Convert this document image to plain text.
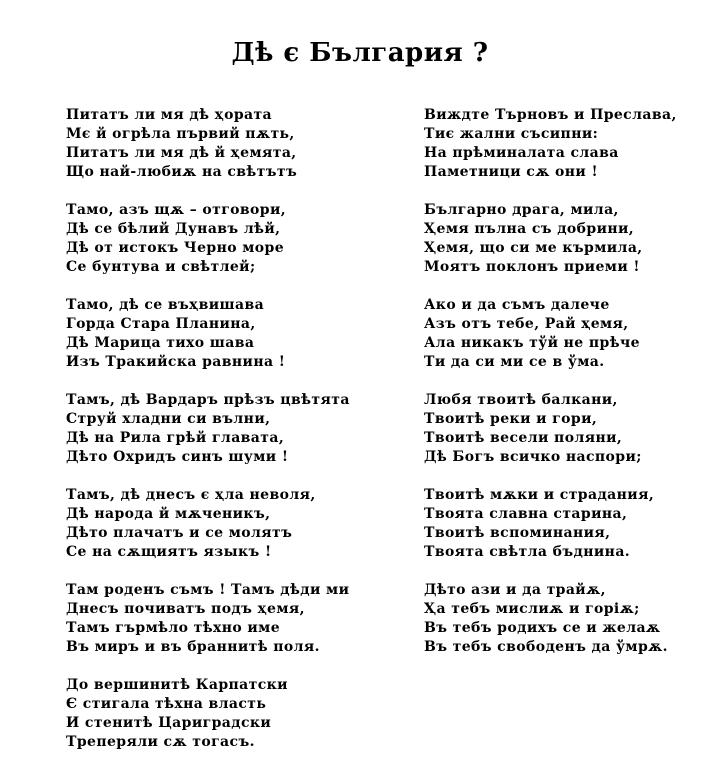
Дѣ є България ?
Питатъ ли мя дѣ ҳората
Мє й огрѣла първий пѫть,
Питатъ ли мя дѣ й ҳемята,
Що най-любиѫ на свѣтътъ
Тамо, азъ щѫ – отговори,
Дѣ се бѣлий Дунавъ лѣй,
Дѣ от истокъ Черно море
Се бунтува и свѣтлей;
Тамо, дѣ се въҳвишава
Горда Стара Планина,
Дѣ Марица тихо шава
Изъ Тракийска равнина !
Тамъ, дѣ Вардаръ прѣзъ цвѣтята
Струй хладни си вълни,
Дѣ на Рила грѣй главата,
Дѣто Охридъ синъ шуми !
Тамъ, дѣ днесъ є ҳла неволя,
Дѣ народа й мѫченикъ,
Дѣто плачатъ и се молятъ
Се на сѫщиятъ языкъ !
Там роденъ съмъ ! Тамъ дѣди ми
Днесъ почиватъ подъ ҳемя,
Тамъ гърмѣло тѣхно име
Въ миръ и въ браннитѣ поля.
До вершинитѣ Карпатски
Є стигала тѣхна власть
И стенитѣ Цариградски
Треперяли сѫ тогасъ.
Виждте Търновъ и Преслава,
Тиє жални съсипни:
На прѣминалата слава
Паметници сѫ они !
Българно драга, мила,
Ҳемя пълна съ добрини,
Ҳемя, що си ме кърмила,
Моятъ поклонъ приеми !
Ако и да съмъ далече
Азъ отъ тебе, Рай ҳемя,
Ала никакъ тўй не прѣче
Ти да си ми се в ўма.
Любя твоитѣ балкани,
Твоитѣ реки и гори,
Твоитѣ весели поляни,
Дѣ Богъ всичко наспори;
Твоитѣ мѫки и страдания,
Твоята славна старина,
Твоитѣ вспоминания,
Твоята свѣтла бъднина.
Дѣто ази и да трайѫ,
Ҳа тебъ мислиѫ и горіѫ;
Въ тебъ родихъ се и желаѫ
Въ тебъ свободенъ да ўмрѫ.
